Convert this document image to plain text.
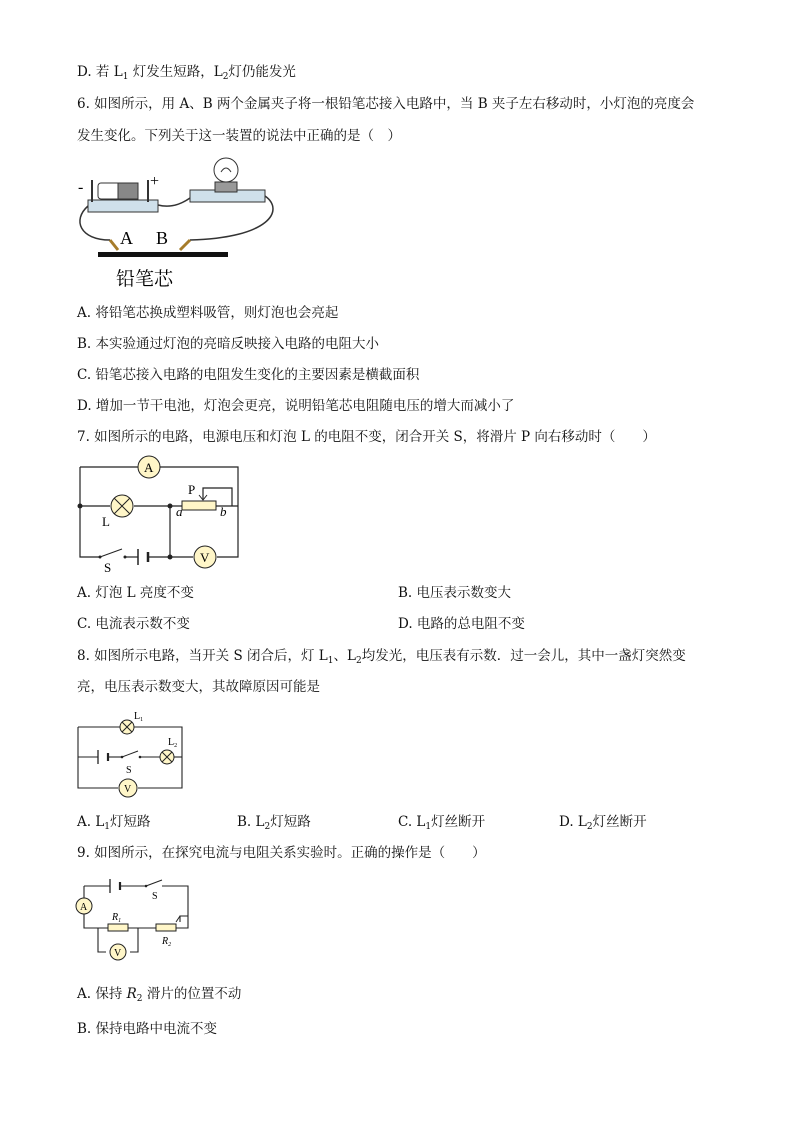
D. 若 $L_1$ 灯发生短路，$L_2$灯仍能发光
6. 如图所示，用 A、B 两个金属夹子将一根铅笔芯接入电路中，当 B 夹子左右移动时，小灯泡的亮度会
发生变化。下列关于这一装置的说法中正确的是（　）
-	+
A B
铅笔芯
A. 将铅笔芯换成塑料吸管，则灯泡也会亮起
B. 本实验通过灯泡的亮暗反映接入电路的电阻大小
C. 铅笔芯接入电路的电阻发生变化的主要因素是横截面积
D. 增加一节干电池，灯泡会更亮，说明铅笔芯电阻随电压的增大而减小了
7. 如图所示的电路，电源电压和灯泡 L 的电阻不变，闭合开关 S，将滑片 P 向右移动时（　　）
A
L
P
a	b
V
S
A. 灯泡 L 亮度不变	B. 电压表示数变大
C. 电流表示数不变	D. 电路的总电阻不变
8. 如图所示电路，当开关 S 闭合后，灯 $L_1$、$L_2$均发光，电压表有示数．过一会儿，其中一盏灯突然变
亮，电压表示数变大，其故障原因可能是
$L_1$
S
$L_2$
V
A. $L_1$灯短路	B. $L_2$灯短路	C. $L_1$灯丝断开	D. $L_2$灯丝断开
9. 如图所示，在探究电流与电阻关系实验时。正确的操作是（　　）
S
A
$R_1$
$R_2$
V
A. 保持 $R_2$ 滑片的位置不动
B. 保持电路中电流不变
